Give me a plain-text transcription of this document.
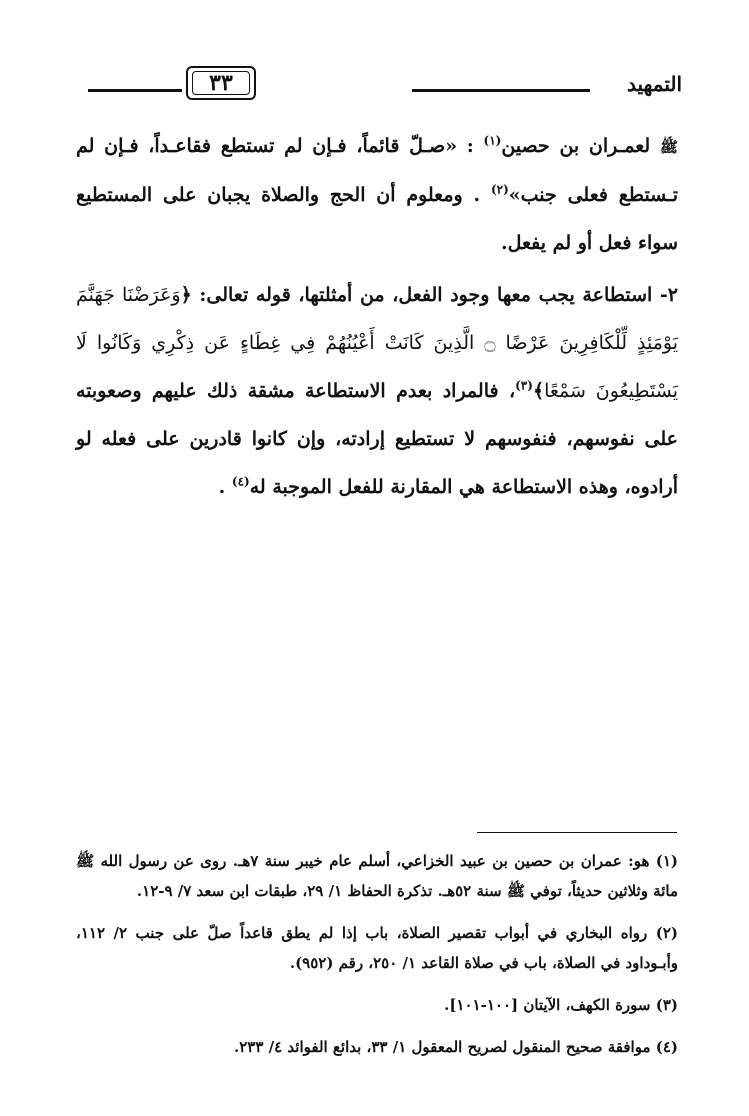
التمهيد
٣٣

ﷺ لعمـران بن حصين$^{(١)}$ : «صـلّ قائماً، فـإن لم تستطع فقاعـداً، فـإن لم تـستطع فعلى جنب»$^{(٢)}$ . ومعلوم أن الحج والصلاة يجبان على المستطيع سواء فعل أو لم يفعل.

٢- استطاعة يجب معها وجود الفعل، من أمثلتها، قوله تعالى: ﴿وَعَرَضْنَا جَهَنَّمَ يَوْمَئِذٍ لِّلْكَافِرِينَ عَرْضًا ۝ الَّذِينَ كَانَتْ أَعْيُنُهُمْ فِي غِطَاءٍ عَن ذِكْرِي وَكَانُوا لَا يَسْتَطِيعُونَ سَمْعًا﴾$^{(٣)}$، فالمراد بعدم الاستطاعة مشقة ذلك عليهم وصعوبته على نفوسهم، فنفوسهم لا تستطيع إرادته، وإن كانوا قادرين على فعله لو أرادوه، وهذه الاستطاعة هي المقارنة للفعل الموجبة له$^{(٤)}$ .

(١) هو: عمران بن حصين بن عبيد الخزاعي، أسلم عام خيبر سنة ٧هـ. روى عن رسول الله ﷺ مائة وثلاثين حديثاً، توفي ﷺ سنة ٥٢هـ. تذكرة الحفاظ ١/ ٢٩، طبقات ابن سعد ٧/ ٩-١٢.

(٢) رواه البخاري في أبواب تقصير الصلاة، باب إذا لم يطق قاعداً صلّ على جنب ٢/ ١١٢، وأبـوداود في الصلاة، باب في صلاة القاعد ١/ ٢٥٠، رقم (٩٥٢).

(٣) سورة الكهف، الآيتان [١٠٠-١٠١].

(٤) موافقة صحيح المنقول لصريح المعقول ١/ ٣٣، بدائع الفوائد ٤/ ٢٣٣.
